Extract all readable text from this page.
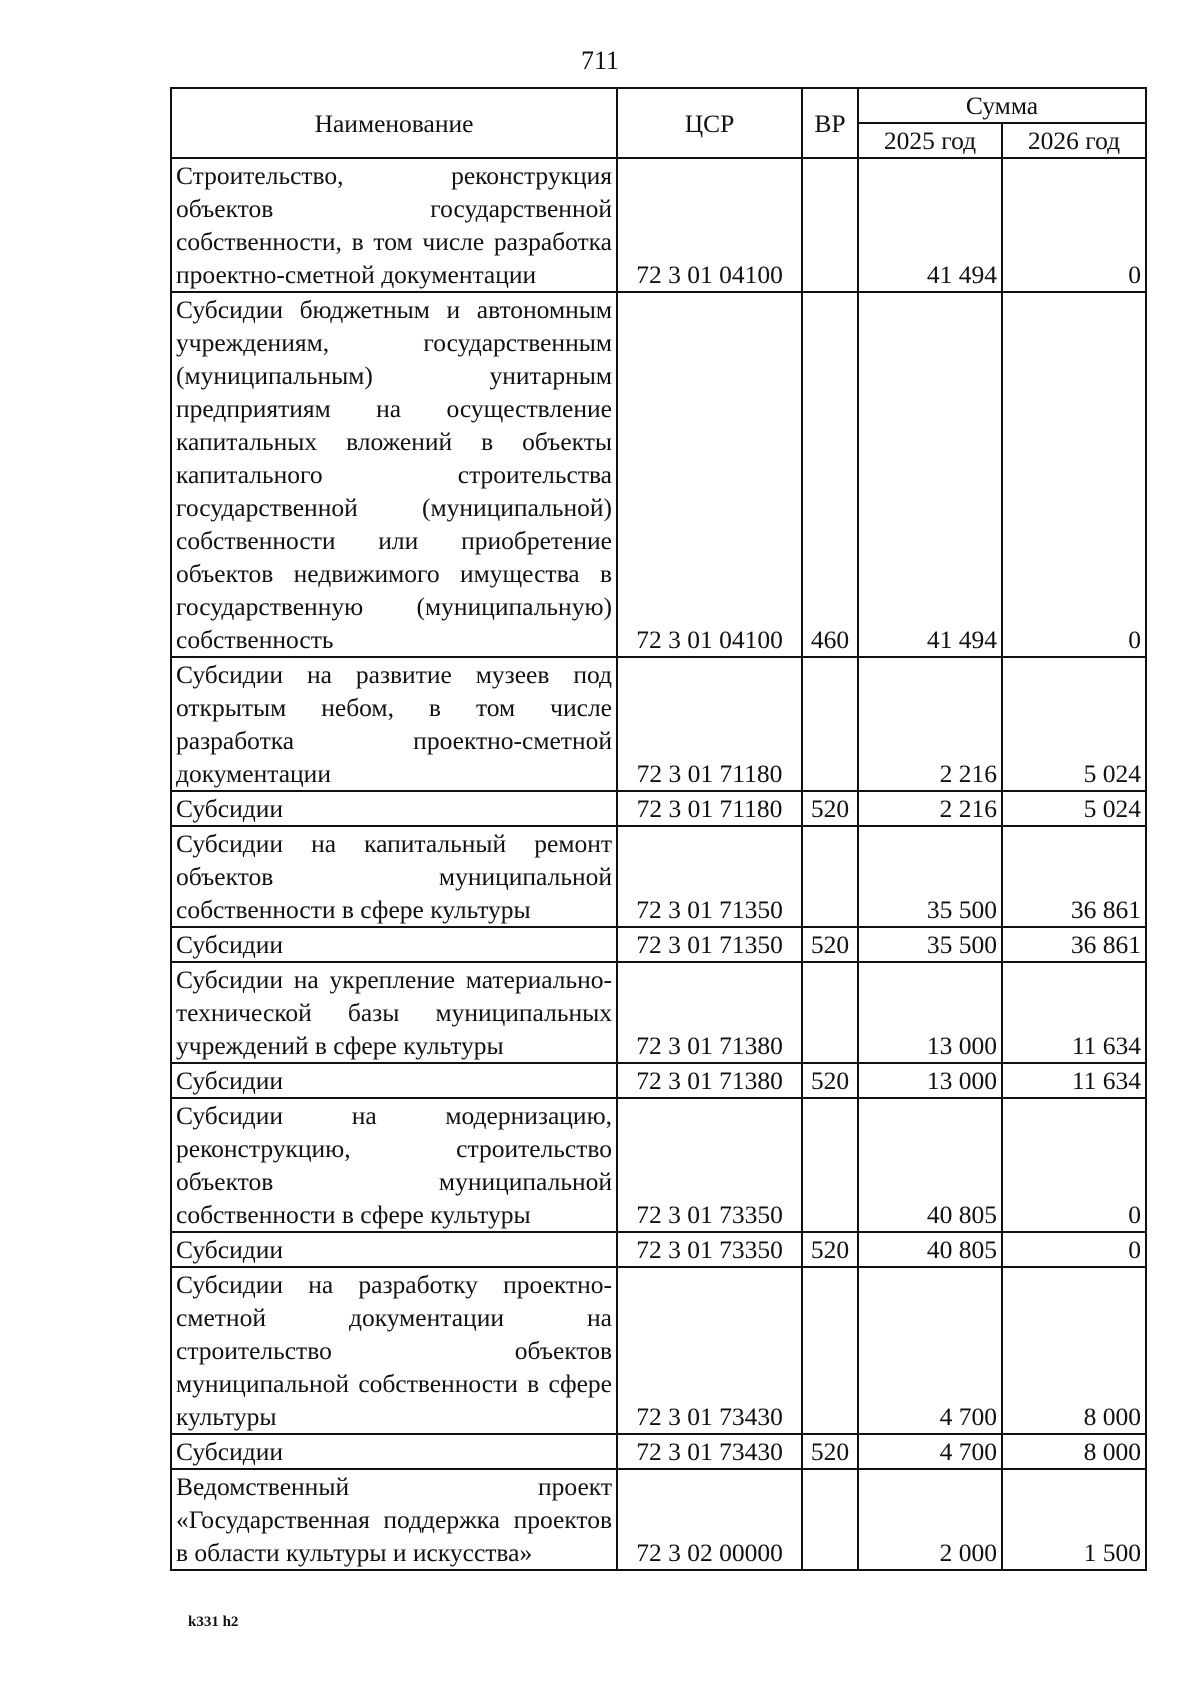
711
Наименование	ЦСР	ВР	Сумма	
			2025 год	2026 год
Строительство, реконструкция объектов государственной собственности, в том числе разработка проектно-сметной документации	72 3 01 04100		41 494	0
Субсидии бюджетным и автономным учреждениям, государственным (муниципальным) унитарным предприятиям на осуществление капитальных вложений в объекты капитального строительства государственной (муниципальной) собственности или приобретение объектов недвижимого имущества в государственную (муниципальную) собственность	72 3 01 04100	460	41 494	0
Субсидии на развитие музеев под открытым небом, в том числе разработка проектно-сметной документации	72 3 01 71180		2 216	5 024
Субсидии	72 3 01 71180	520	2 216	5 024
Субсидии на капитальный ремонт объектов муниципальной собственности в сфере культуры	72 3 01 71350		35 500	36 861
Субсидии	72 3 01 71350	520	35 500	36 861
Субсидии на укрепление материально-технической базы муниципальных учреждений в сфере культуры	72 3 01 71380		13 000	11 634
Субсидии	72 3 01 71380	520	13 000	11 634
Субсидии на модернизацию, реконструкцию, строительство объектов муниципальной собственности в сфере культуры	72 3 01 73350		40 805	0
Субсидии	72 3 01 73350	520	40 805	0
Субсидии на разработку проектно-сметной документации на строительство объектов муниципальной собственности в сфере культуры	72 3 01 73430		4 700	8 000
Субсидии	72 3 01 73430	520	4 700	8 000
Ведомственный проект «Государственная поддержка проектов в области культуры и искусства»	72 3 02 00000		2 000	1 500
k331 h2
